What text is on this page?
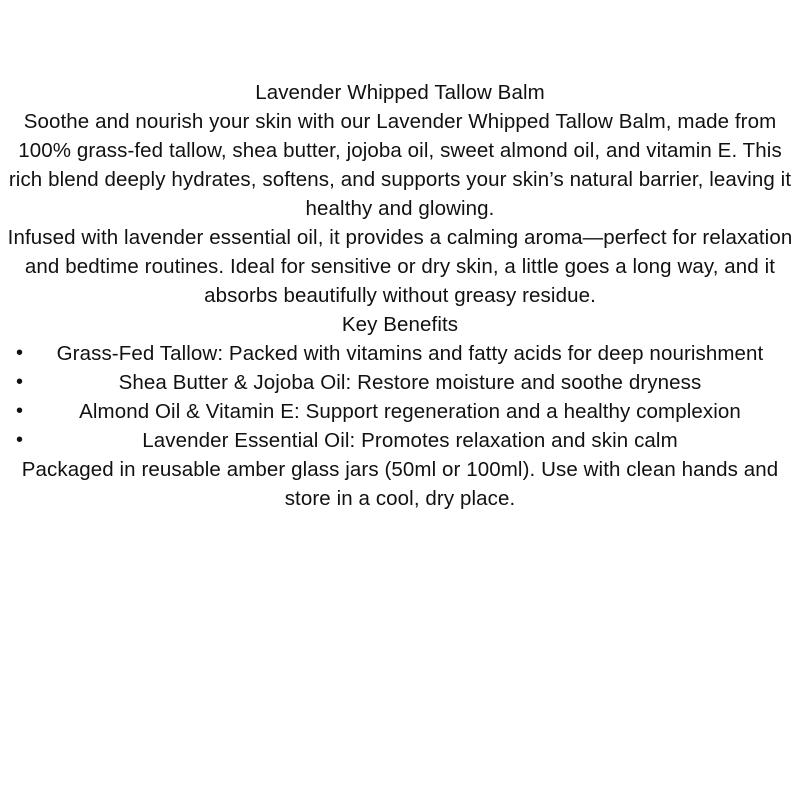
Lavender Whipped Tallow Balm

Soothe and nourish your skin with our Lavender Whipped Tallow Balm, made from 100% grass-fed tallow, shea butter, jojoba oil, sweet almond oil, and vitamin E. This rich blend deeply hydrates, softens, and supports your skin’s natural barrier, leaving it healthy and glowing.

Infused with lavender essential oil, it provides a calming aroma—perfect for relaxation and bedtime routines. Ideal for sensitive or dry skin, a little goes a long way, and it absorbs beautifully without greasy residue.

Key Benefits

• Grass-Fed Tallow: Packed with vitamins and fatty acids for deep nourishment
•	Shea Butter & Jojoba Oil: Restore moisture and soothe dryness
•	Almond Oil & Vitamin E: Support regeneration and a healthy complexion
•	Lavender Essential Oil: Promotes relaxation and skin calm

Packaged in reusable amber glass jars (50ml or 100ml). Use with clean hands and store in a cool, dry place.
